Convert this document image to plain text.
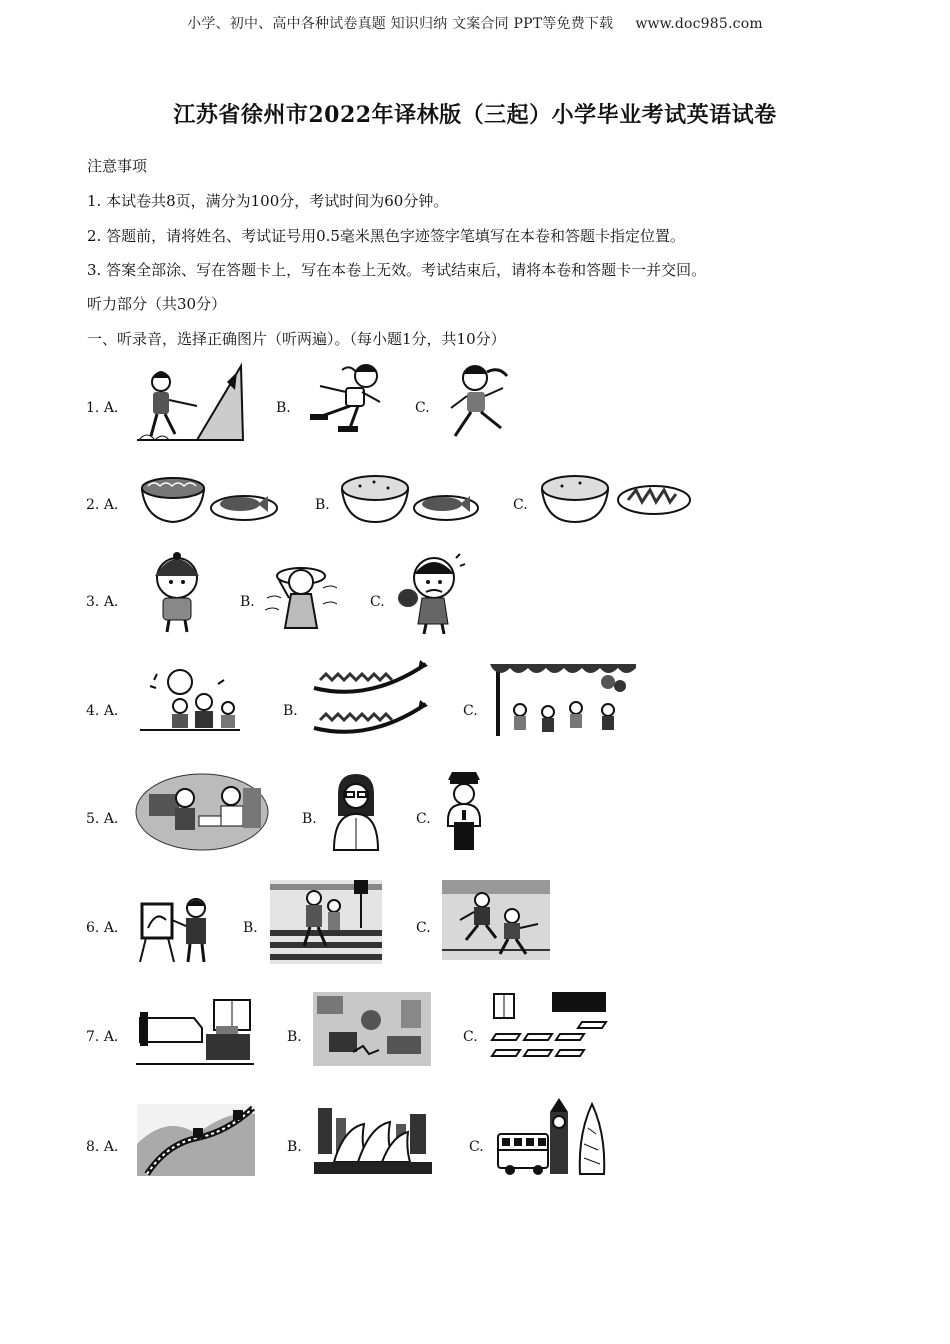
小学、初中、高中各种试卷真题 知识归纳 文案合同 PPT等免费下载 www.doc985.com
江苏省徐州市2022年译林版（三起）小学毕业考试英语试卷
注意事项
1. 本试卷共8页，满分为100分，考试时间为60分钟。
2. 答题前，请将姓名、考试证号用0.5毫米黑色字迹签字笔填写在本卷和答题卡指定位置。
3. 答案全部涂、写在答题卡上，写在本卷上无效。考试结束后，请将本卷和答题卡一并交回。
听力部分（共30分）
一、听录音，选择正确图片（听两遍）。（每小题1分，共10分）
1. A.	B.	C.
2. A.	B.	C.
3. A.	B.	C.
4. A.	B.	C.
5. A.	B.	C.
6. A.	B.	C.
7. A.	B.	C.
8. A.	B.	C.
